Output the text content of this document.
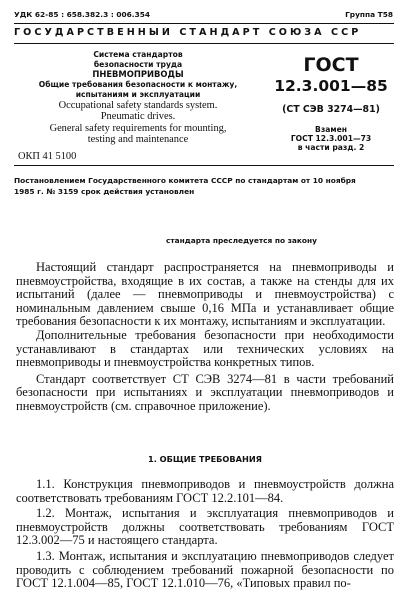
УДК 62-85 : 658.382.3 : 006.354	Группа Т58
ГОСУДАРСТВЕННЫЙ СТАНДАРТ СОЮЗА ССР
Система стандартов
безопасности труда
ПНЕВМОПРИВОДЫ
Общие требования безопасности к монтажу,
испытаниям и эксплуатации
Occupational safety standards system.
Pneumatic drives.
General safety requirements for mounting,
testing and maintenance
ОКП 41 5100
ГОСТ
12.3.001—85
(СТ СЭВ 3274—81)
Взамен
ГОСТ 12.3.001—73
в части разд. 2
Постановлением Государственного комитета СССР по стандартам от 10 ноября
1985 г. № 3159 срок действия установлен
стандарта преследуется по закону

Настоящий стандарт распространяется на пневмоприводы и пневмоустройства, входящие в их состав, а также на стенды для их испытаний (далее — пневмоприводы и пневмоустройства) с номинальным давлением свыше 0,16 МПа и устанавливает общие требования безопасности к их монтажу, испытаниям и эксплуатации.

Дополнительные требования безопасности при необходимости устанавливают в стандартах или технических условиях на пневмоприводы и пневмоустройства конкретных типов.

Стандарт соответствует СТ СЭВ 3274—81 в части требований безопасности при испытаниях и эксплуатации пневмоприводов и пневмоустройств (см. справочное приложение).

1. ОБЩИЕ ТРЕБОВАНИЯ

1.1. Конструкция пневмоприводов и пневмоустройств должна соответствовать требованиям ГОСТ 12.2.101—84.

1.2. Монтаж, испытания и эксплуатация пневмоприводов и пневмоустройств должны соответствовать требованиям ГОСТ 12.3.002—75 и настоящего стандарта.

1.3. Монтаж, испытания и эксплуатацию пневмоприводов следует проводить с соблюдением требований пожарной безопасности по ГОСТ 12.1.004—85, ГОСТ 12.1.010—76, «Типовых правил по-
